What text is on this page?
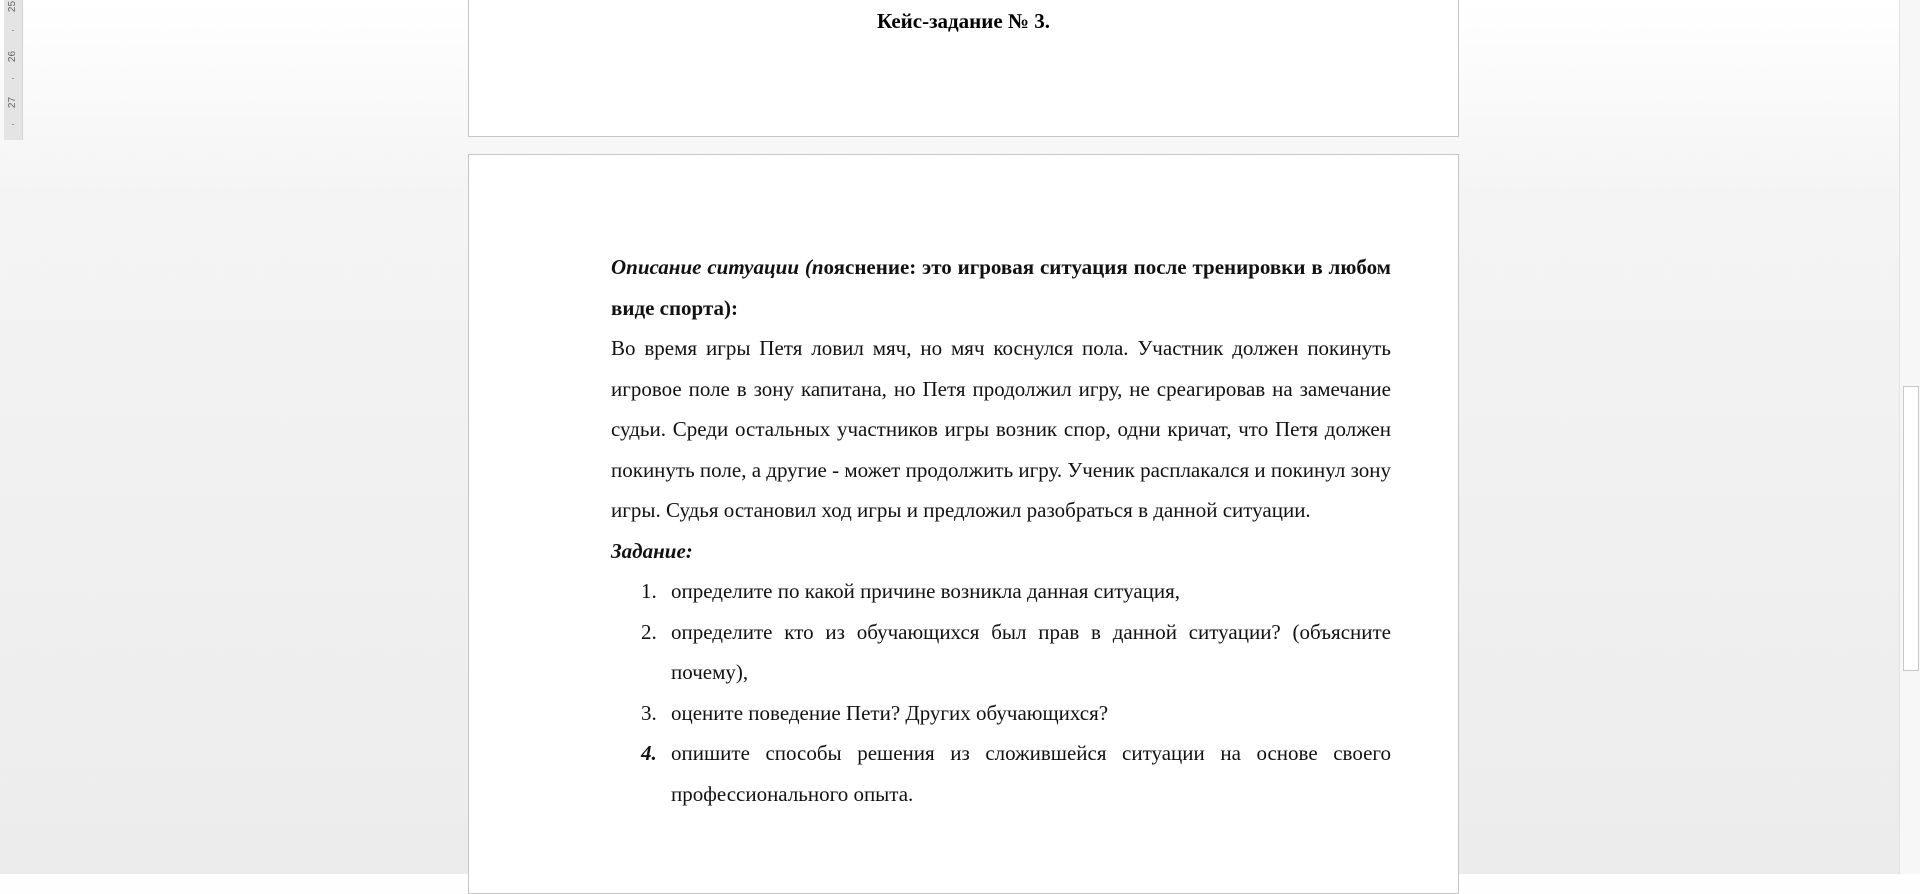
25
26
27
Кейс-задание № 3.

Описание ситуации (пояснение: это игровая ситуация после тренировки в любом виде спорта):

Во время игры Петя ловил мяч, но мяч коснулся пола. Участник должен покинуть игровое поле в зону капитана, но Петя продолжил игру, не среагировав на замечание судьи. Среди остальных участников игры возник спор, одни кричат, что Петя должен покинуть поле, а другие - может продолжить игру. Ученик расплакался и покинул зону игры. Судья остановил ход игры и предложил разобраться в данной ситуации.

Задание:

1. определите по какой причине возникла данная ситуация,
2. определите кто из обучающихся был прав в данной ситуации? (объясните почему),
3. оцените поведение Пети? Других обучающихся?
4. опишите способы решения из сложившейся ситуации на основе своего профессионального опыта.
